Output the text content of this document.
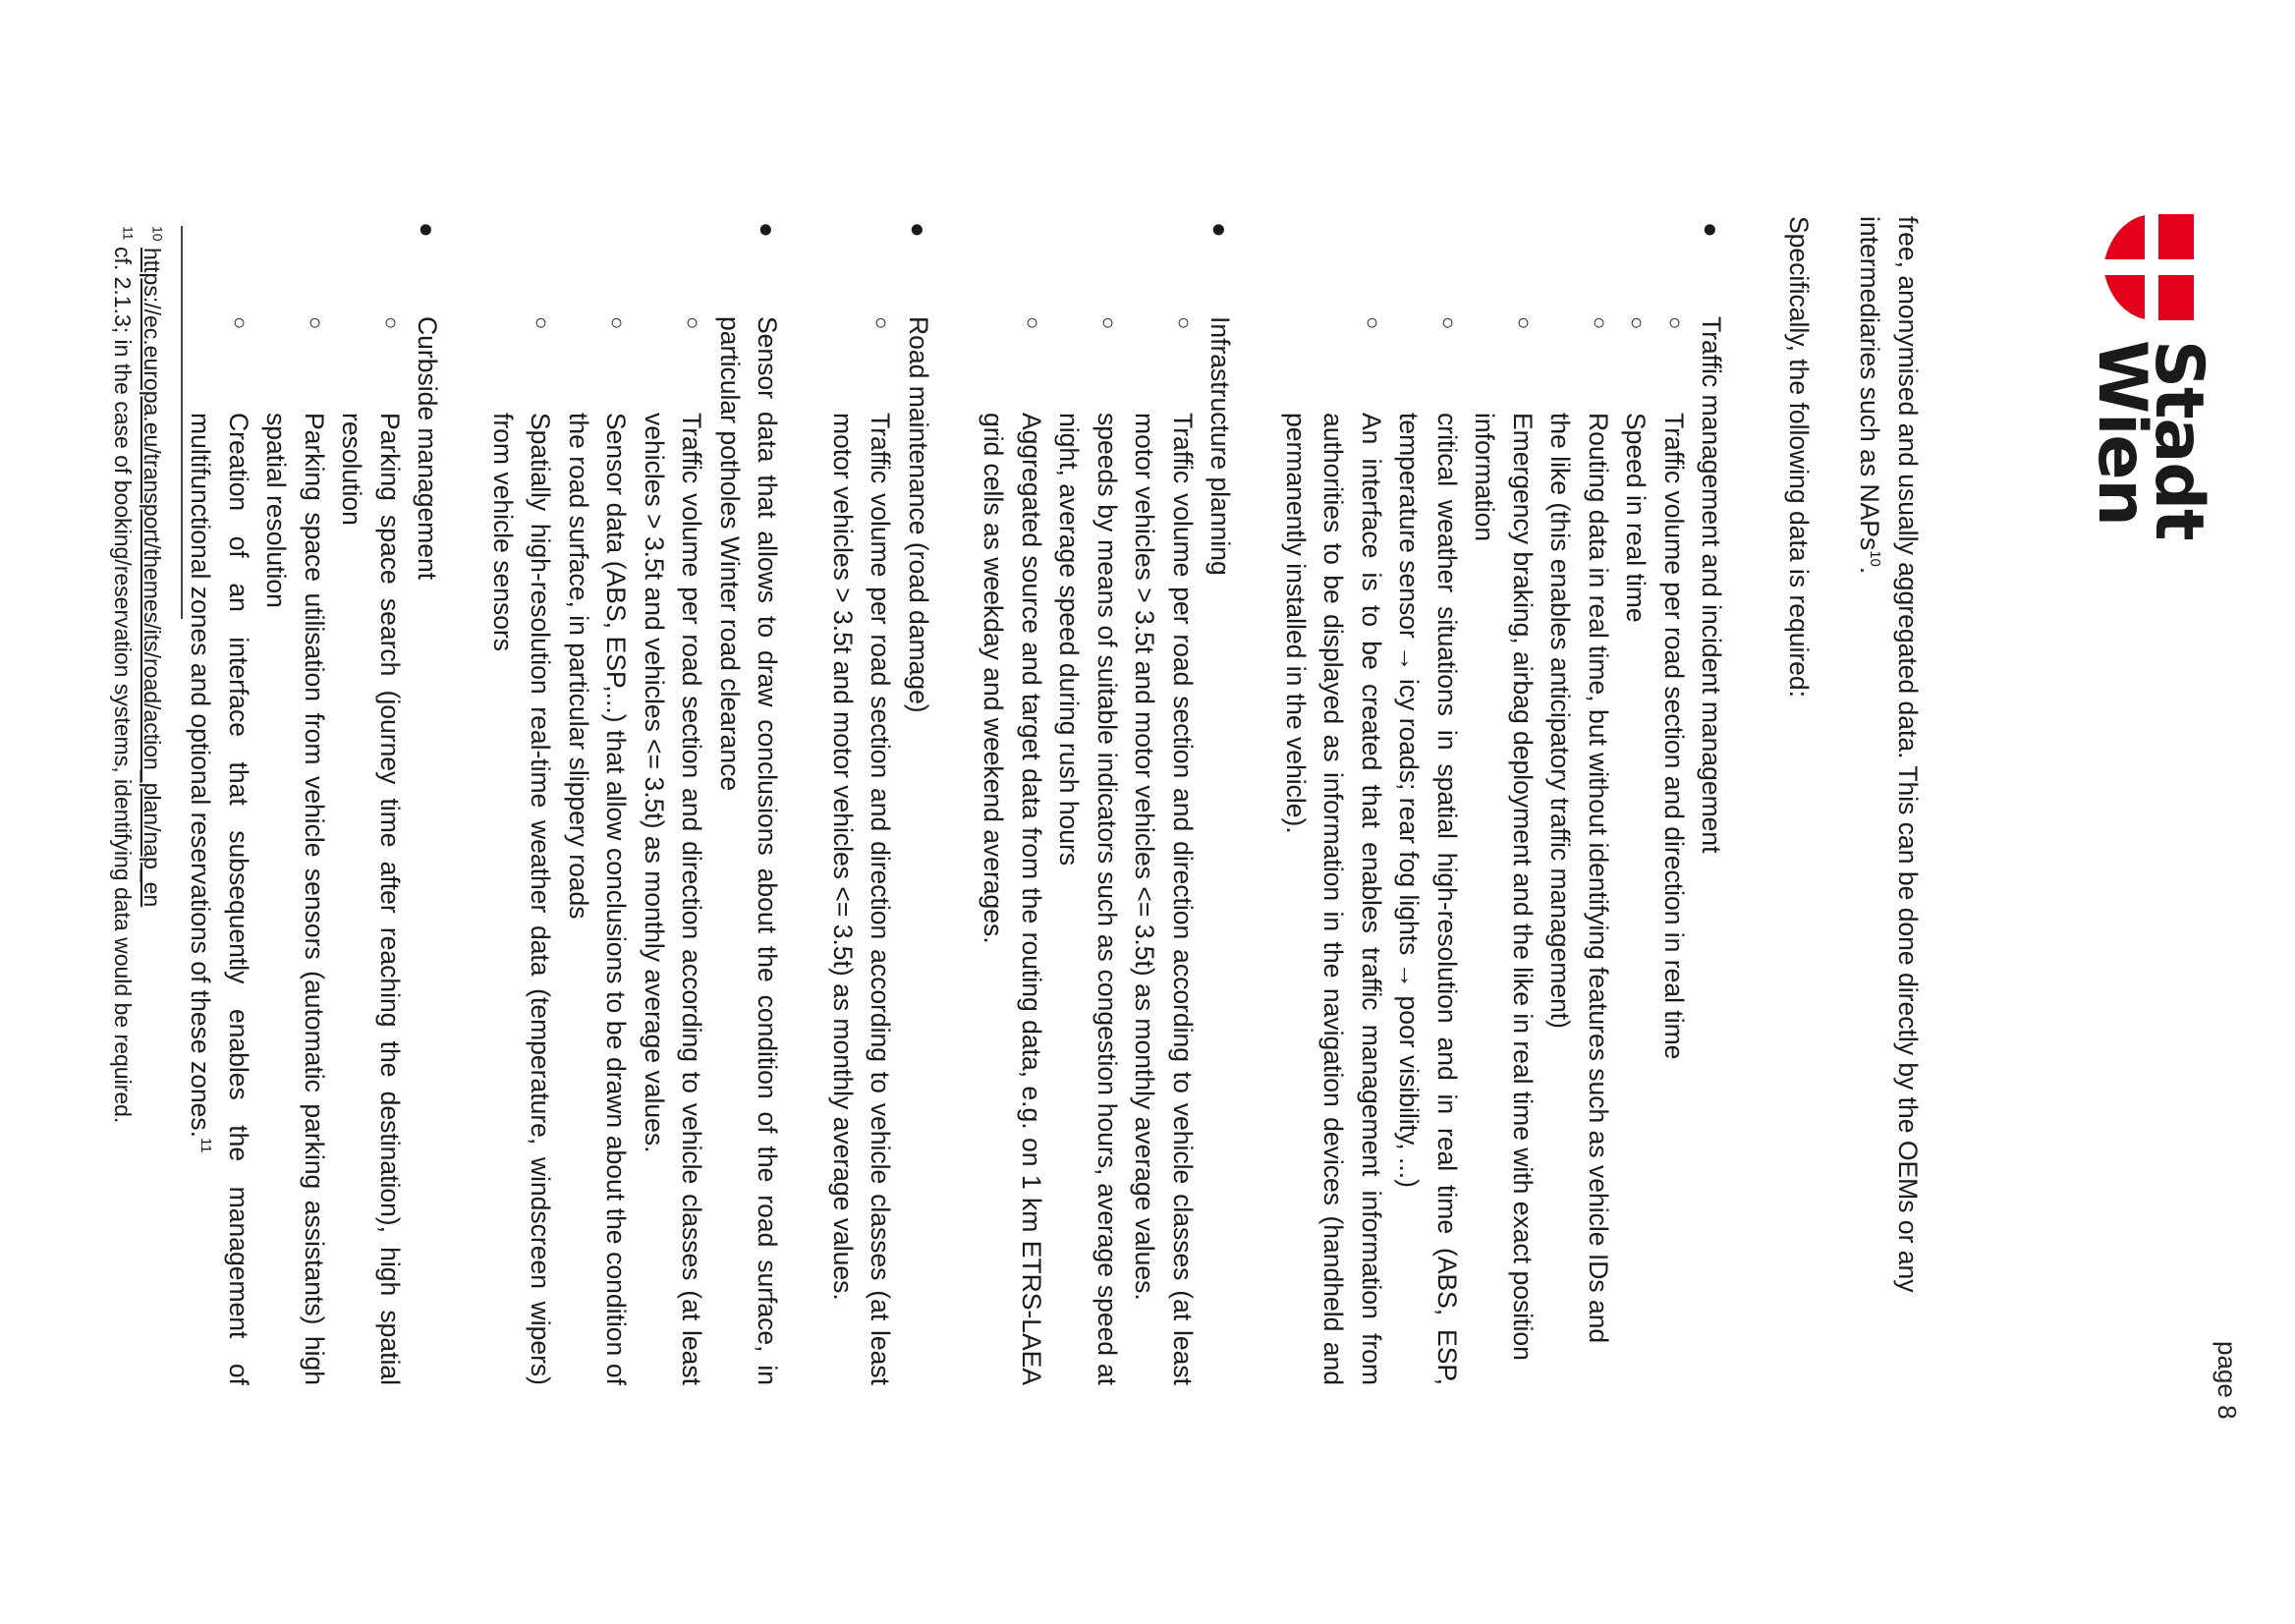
Stadt
Wien
page 8

free, anonymised and usually aggregated data. This can be done directly by the OEMs or any intermediaries such as NAPs$^{10}$.

Specifically, the following data is required:

●
Traffic management and incident management
○
Traffic volume per road section and direction in real time
○
Speed in real time
○
Routing data in real time, but without identifying features such as vehicle IDs and the like (this enables anticipatory traffic management)
○
Emergency braking, airbag deployment and the like in real time with exact position information
○
critical weather situations in spatial high-resolution and in real time (ABS, ESP, temperature sensor → icy roads; rear fog lights → poor visibility, ...)
○
An interface is to be created that enables traffic management information from authorities to be displayed as information in the navigation devices (handheld and permanently installed in the vehicle).
●
Infrastructure planning
○
Traffic volume per road section and direction according to vehicle classes (at least motor vehicles > 3.5t and motor vehicles <= 3.5t) as monthly average values.
○
speeds by means of suitable indicators such as congestion hours, average speed at night, average speed during rush hours
○
Aggregated source and target data from the routing data, e.g. on 1 km ETRS-LAEA grid cells as weekday and weekend averages.
●
Road maintenance (road damage)
○
Traffic volume per road section and direction according to vehicle classes (at least motor vehicles > 3.5t and motor vehicles <= 3.5t) as monthly average values.
●
Sensor data that allows to draw conclusions about the condition of the road surface, in particular potholes Winter road clearance
○
Traffic volume per road section and direction according to vehicle classes (at least vehicles > 3.5t and vehicles <= 3.5t) as monthly average values.
○
Sensor data (ABS, ESP,...) that allow conclusions to be drawn about the condition of the road surface, in particular slippery roads
○
Spatially high-resolution real-time weather data (temperature, windscreen wipers) from vehicle sensors
●
Curbside management
○
Parking space search (journey time after reaching the destination), high spatial resolution
○
Parking space utilisation from vehicle sensors (automatic parking assistants) high spatial resolution
○
Creation of an interface that subsequently enables the management of multifunctional zones and optional reservations of these zones.$^{11}$
$^{10}$ https://ec.europa.eu/transport/themes/its/road/action_plan/nap_en
$^{11}$ cf. 2.1.3; in the case of booking/reservation systems, identifying data would be required.
